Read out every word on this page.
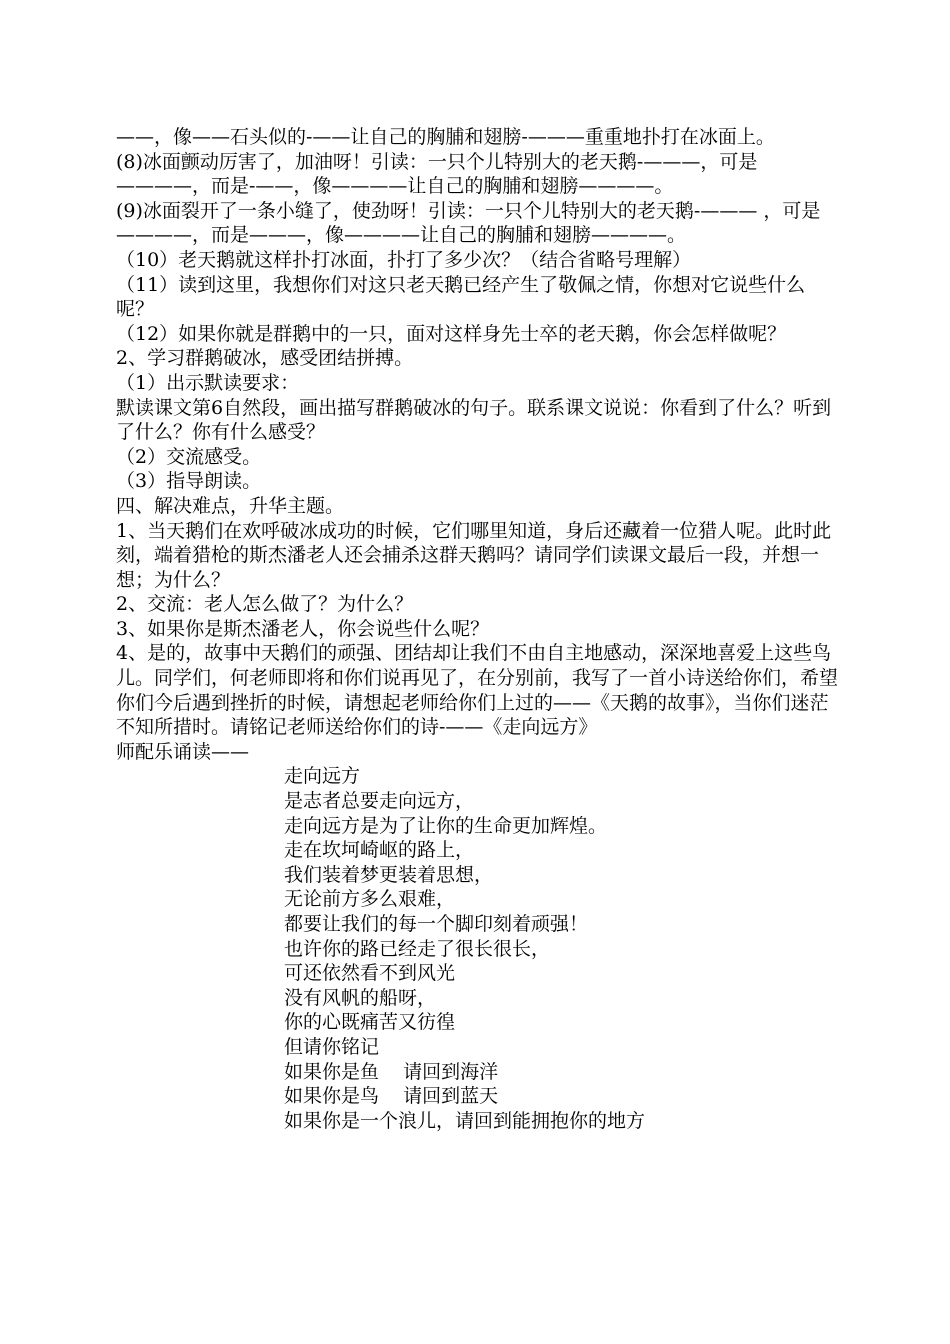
——，像——石头似的-——让自己的胸脯和翅膀-———重重地扑打在冰面上。

(8)冰面颤动厉害了，加油呀！引读：一只个儿特别大的老天鹅-———，可是————，而是-——，像————让自己的胸脯和翅膀————。

(9)冰面裂开了一条小缝了，使劲呀！引读：一只个儿特别大的老天鹅-——— ，可是————，而是———，像————让自己的胸脯和翅膀————。

（10）老天鹅就这样扑打冰面，扑打了多少次？（结合省略号理解）

（11）读到这里，我想你们对这只老天鹅已经产生了敬佩之情，你想对它说些什么呢？

（12）如果你就是群鹅中的一只，面对这样身先士卒的老天鹅，你会怎样做呢？

2、学习群鹅破冰，感受团结拼搏。

（1）出示默读要求：

默读课文第6自然段，画出描写群鹅破冰的句子。联系课文说说：你看到了什么？听到了什么？你有什么感受？

（2）交流感受。

（3）指导朗读。

四、解决难点，升华主题。

1、当天鹅们在欢呼破冰成功的时候，它们哪里知道，身后还藏着一位猎人呢。此时此刻，端着猎枪的斯杰潘老人还会捕杀这群天鹅吗？请同学们读课文最后一段，并想一想；为什么？

2、交流：老人怎么做了？为什么？

3、如果你是斯杰潘老人，你会说些什么呢？

4、是的，故事中天鹅们的顽强、团结却让我们不由自主地感动，深深地喜爱上这些鸟儿。同学们，何老师即将和你们说再见了，在分别前，我写了一首小诗送给你们，希望你们今后遇到挫折的时候，请想起老师给你们上过的——《天鹅的故事》，当你们迷茫不知所措时。请铭记老师送给你们的诗-——《走向远方》

师配乐诵读——

走向远方

是志者总要走向远方，

走向远方是为了让你的生命更加辉煌。

走在坎坷崎岖的路上，

我们装着梦更装着思想，

无论前方多么艰难，

都要让我们的每一个脚印刻着顽强！

也许你的路已经走了很长很长，

可还依然看不到风光

没有风帆的船呀，

你的心既痛苦又彷徨

但请你铭记

如果你是鱼    请回到海洋

如果你是鸟    请回到蓝天

如果你是一个浪儿，请回到能拥抱你的地方
